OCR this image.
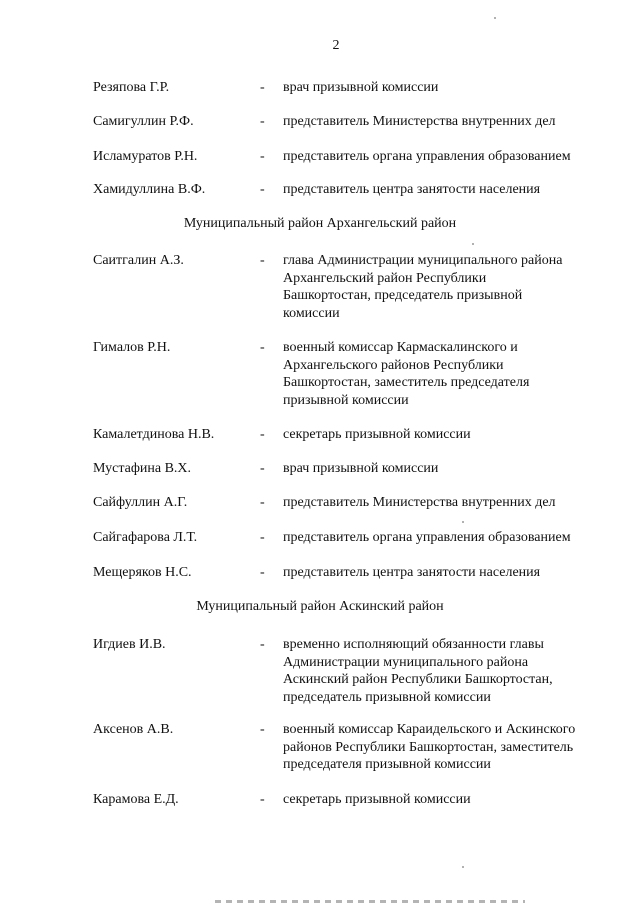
2
Резяпова Г.Р.	- врач призывной комиссии
Самигуллин Р.Ф.	- представитель Министерства внутренних дел
Исламуратов Р.Н.	- представитель органа управления образованием
Хамидуллина В.Ф.	- представитель центра занятости населения
Муниципальный район Архангельский район
Саитгалин А.З.	- глава Администрации муниципального района
Архангельский район Республики
Башкортостан, председатель призывной
комиссии
Гималов Р.Н.	- военный комиссар Кармаскалинского и
Архангельского районов Республики
Башкортостан, заместитель председателя
призывной комиссии
Камалетдинова Н.В.	- секретарь призывной комиссии
Мустафина В.Х.	- врач призывной комиссии
Сайфуллин А.Г.	- представитель Министерства внутренних дел
Сайгафарова Л.Т.	- представитель органа управления образованием
Мещеряков Н.С.	- представитель центра занятости населения
Муниципальный район Аскинский район
Игдиев И.В.	- временно исполняющий обязанности главы
Администрации муниципального района
Аскинский район Республики Башкортостан,
председатель призывной комиссии
Аксенов А.В.	- военный комиссар Караидельского и Аскинского
районов Республики Башкортостан, заместитель
председателя призывной комиссии
Карамова Е.Д.	- секретарь призывной комиссии
